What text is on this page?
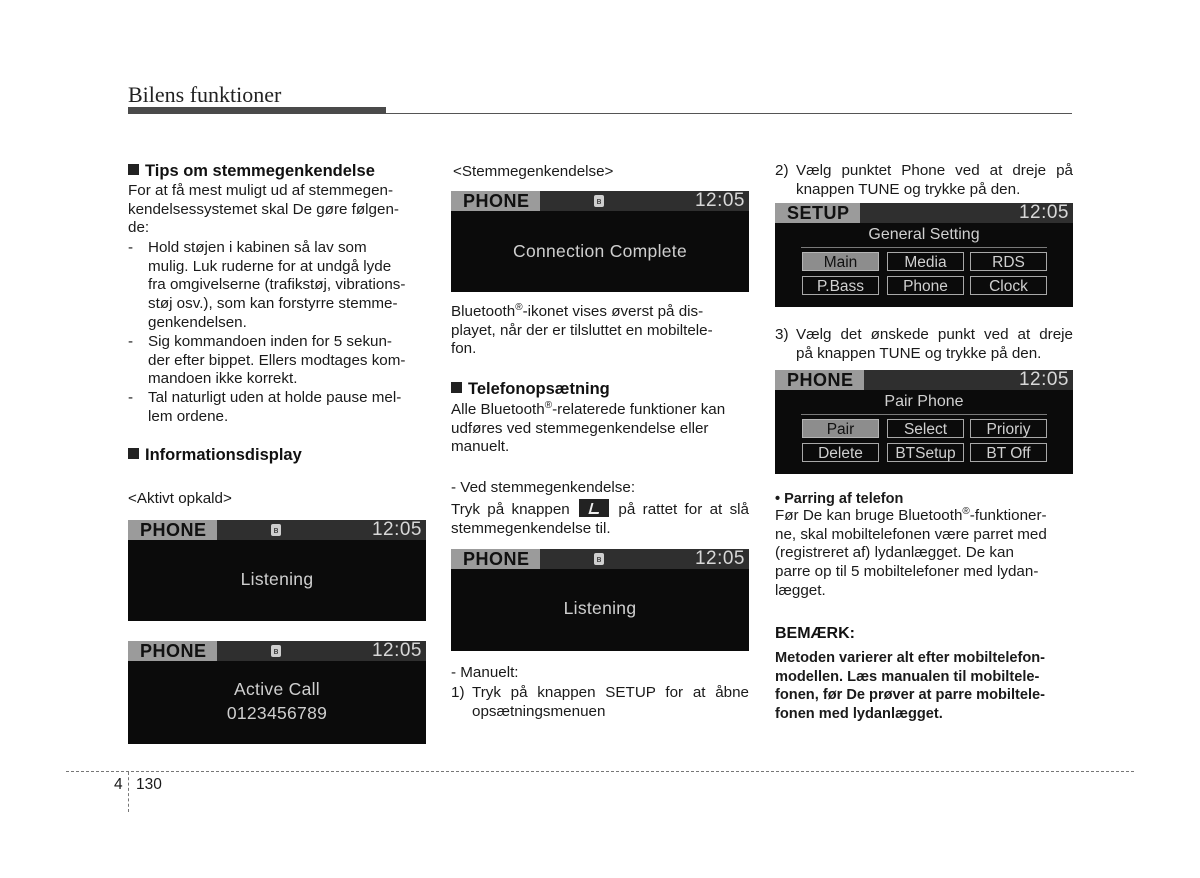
Bilens funktioner
Tips om stemmegenkendelse
For at få mest muligt ud af stemmegen-
kendelsessystemet skal De gøre følgen-
de:
- Hold støjen i kabinen så lav som
mulig. Luk ruderne for at undgå lyde
fra omgivelserne (trafikstøj, vibrations-
støj osv.), som kan forstyrre stemme-
genkendelsen.
- Sig kommandoen inden for 5 sekun-
der efter bippet. Ellers modtages kom-
mandoen ikke korrekt.
- Tal naturligt uden at holde pause mel-
lem ordene.
Informationsdisplay
<Aktivt opkald>
PHONE	ʙ	12:05
Listening
PHONE	ʙ	12:05
Active Call
0123456789
<Stemmegenkendelse>
PHONE	ʙ	12:05
Connection Complete
Bluetooth®-ikonet vises øverst på dis-
playet, når der er tilsluttet en mobiltele-
fon.
Telefonopsætning
Alle Bluetooth®-relaterede funktioner kan
udføres ved stemmegenkendelse eller
manuelt.
- Ved stemmegenkendelse:
Tryk på knappen	på rattet for at slå
stemmegenkendelse til.
PHONE	ʙ	12:05
Listening
- Manuelt:
1) Tryk på knappen SETUP for at åbne
opsætningsmenuen
2) Vælg punktet Phone ved at dreje på
knappen TUNE og trykke på den.
SETUP	12:05
General Setting
Main	Media	RDS
P.Bass	Phone	Clock
3) Vælg det ønskede punkt ved at dreje
på knappen TUNE og trykke på den.
PHONE	12:05
Pair Phone
Pair	Select	Prioriy
Delete	BTSetup	BT Off
• Parring af telefon
Før De kan bruge Bluetooth®-funktioner-
ne, skal mobiltelefonen være parret med
(registreret af) lydanlægget. De kan
parre op til 5 mobiltelefoner med lydan-
lægget.
BEMÆRK:
Metoden varierer alt efter mobiltelefon-
modellen. Læs manualen til mobiltele-
fonen, før De prøver at parre mobiltele-
fonen med lydanlægget.
4 130
